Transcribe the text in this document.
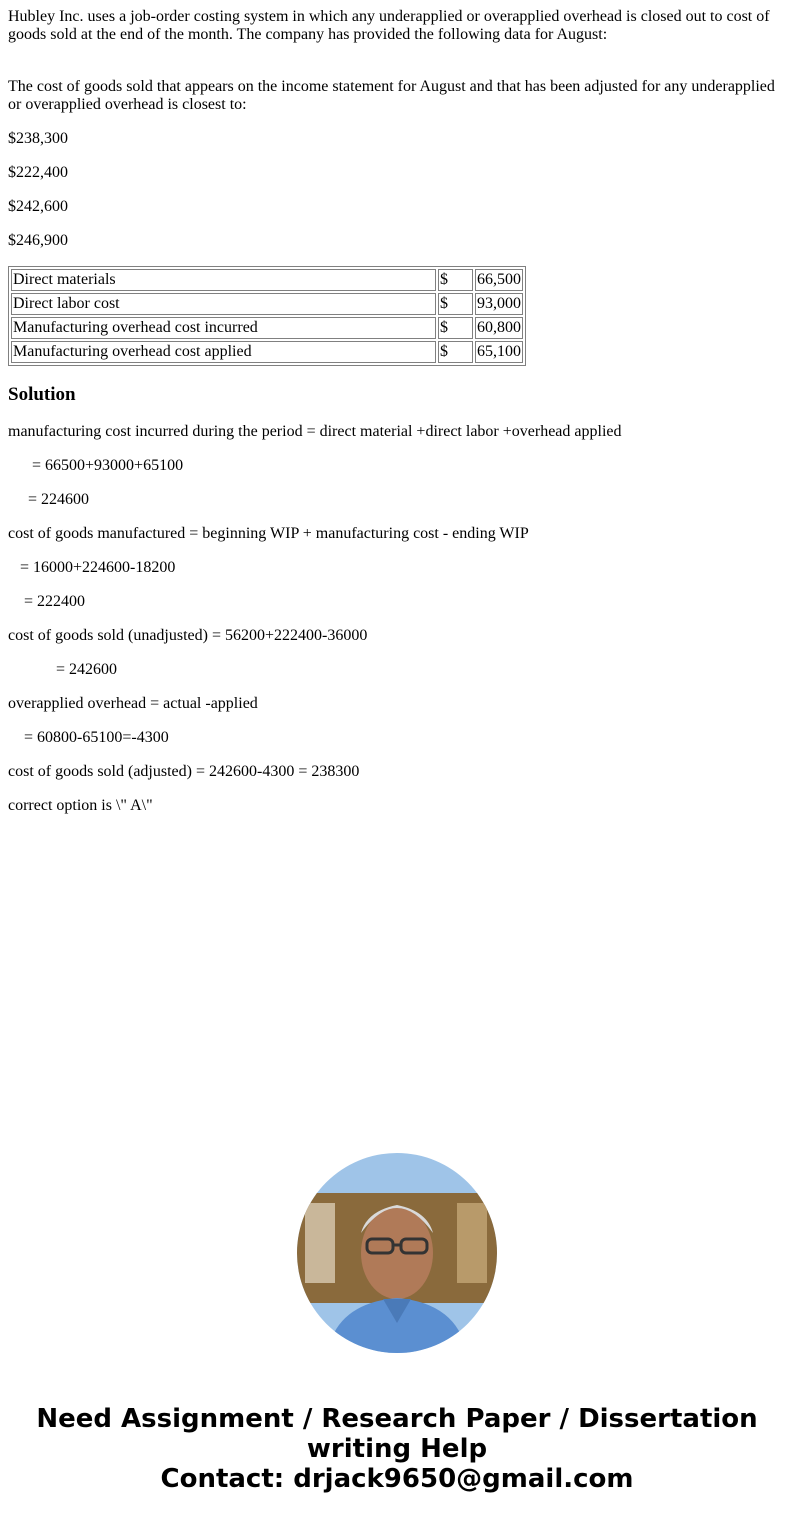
Hubley Inc. uses a job-order costing system in which any underapplied or overapplied overhead is closed out to cost of goods sold at the end of the month. The company has provided the following data for August:

The cost of goods sold that appears on the income statement for August and that has been adjusted for any underapplied or overapplied overhead is closest to:

$238,300

$222,400

$242,600

$246,900

Direct materials	$	66,500
Direct labor cost	$	93,000
Manufacturing overhead cost incurred	$	60,800
Manufacturing overhead cost applied	$	65,100
Solution

manufacturing cost incurred during the period = direct material +direct labor +overhead applied

= 66500+93000+65100

= 224600

cost of goods manufactured = beginning WIP + manufacturing cost - ending WIP

= 16000+224600-18200

= 222400

cost of goods sold (unadjusted) = 56200+222400-36000

= 242600

overapplied overhead = actual -applied

= 60800-65100=-4300

cost of goods sold (adjusted) = 242600-4300 = 238300

correct option is \" A\"

Need Assignment / Research Paper / Dissertation
writing Help
Contact: drjack9650@gmail.com
